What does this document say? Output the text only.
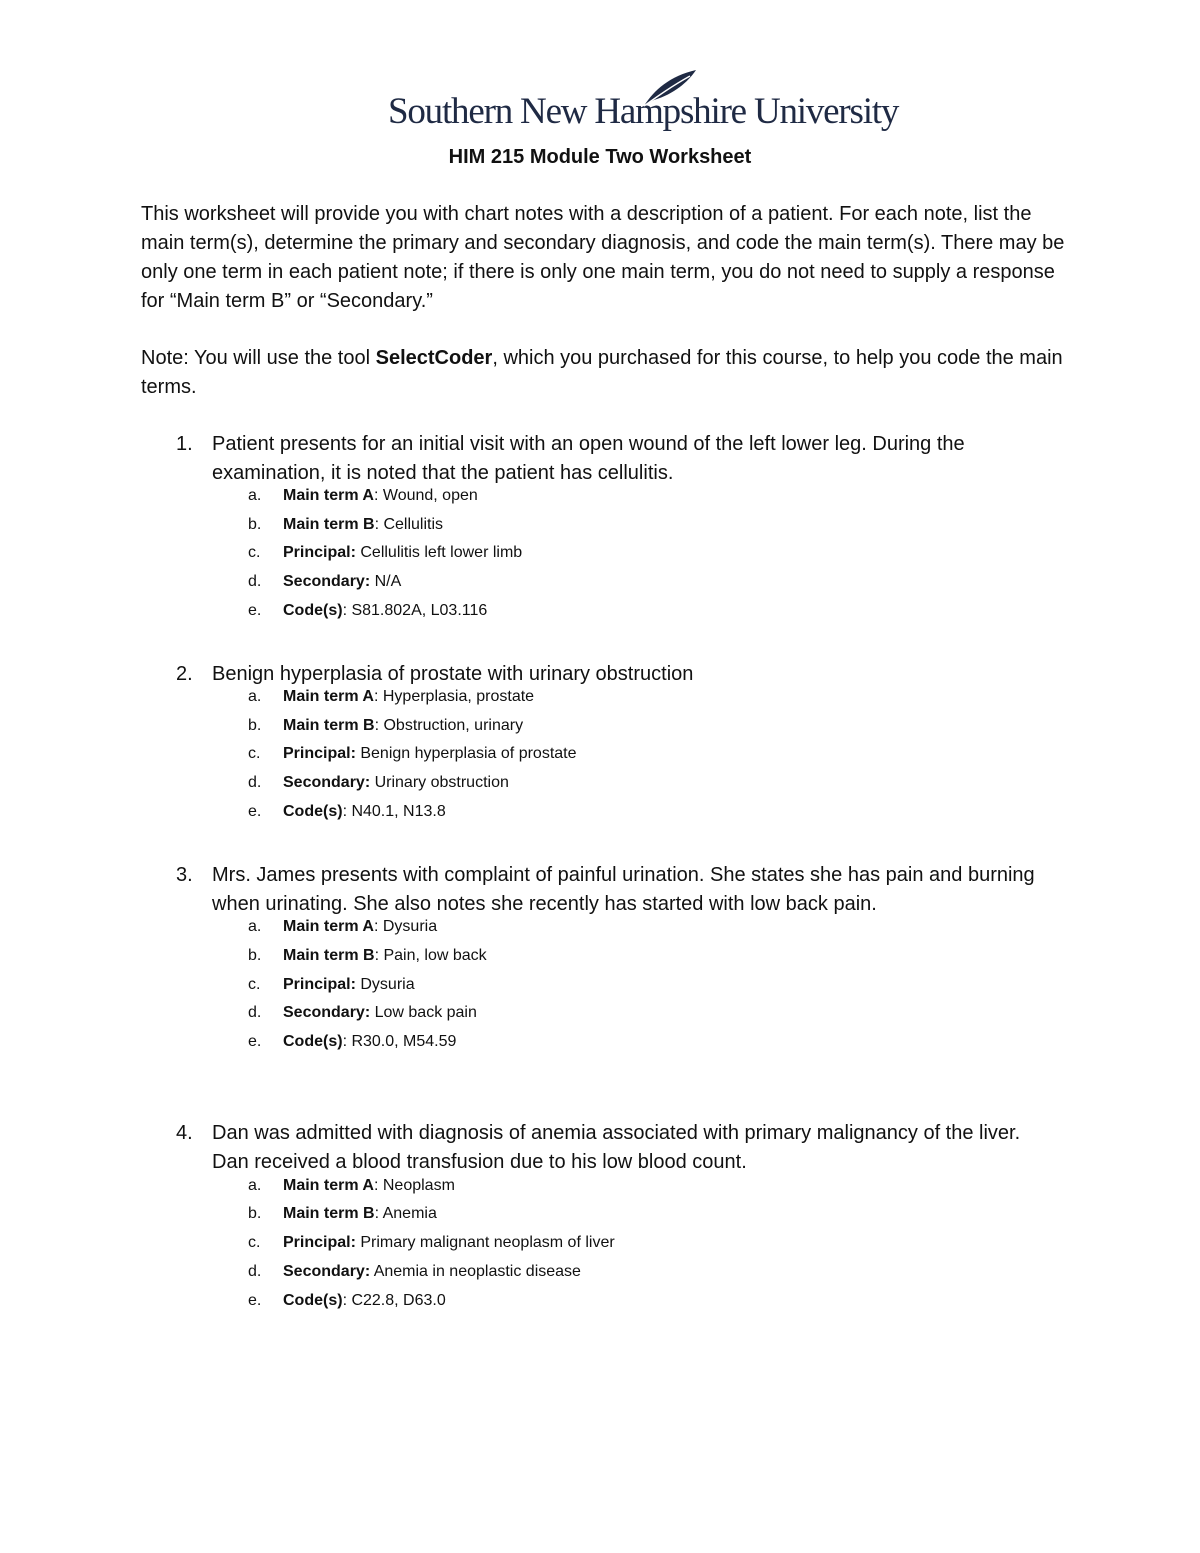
Southern New Hampshire University
HIM 215 Module Two Worksheet

This worksheet will provide you with chart notes with a description of a patient. For each note, list the main term(s), determine the primary and secondary diagnosis, and code the main term(s). There may be only one term in each patient note; if there is only one main term, you do not need to supply a response for “Main term B” or “Secondary.”

Note: You will use the tool SelectCoder, which you purchased for this course, to help you code the main terms.

1. Patient presents for an initial visit with an open wound of the left lower leg. During the examination, it is noted that the patient has cellulitis.
a. Main term A: Wound, open
b. Main term B: Cellulitis
c. Principal: Cellulitis left lower limb
d. Secondary: N/A
e. Code(s): S81.802A, L03.116
2. Benign hyperplasia of prostate with urinary obstruction
a. Main term A: Hyperplasia, prostate
b. Main term B: Obstruction, urinary
c. Principal: Benign hyperplasia of prostate
d. Secondary: Urinary obstruction
e. Code(s): N40.1, N13.8
3. Mrs. James presents with complaint of painful urination. She states she has pain and burning when urinating. She also notes she recently has started with low back pain.
a. Main term A: Dysuria
b. Main term B: Pain, low back
c. Principal: Dysuria
d. Secondary: Low back pain
e. Code(s): R30.0, M54.59
4. Dan was admitted with diagnosis of anemia associated with primary malignancy of the liver. Dan received a blood transfusion due to his low blood count.
a. Main term A: Neoplasm
b. Main term B: Anemia
c. Principal: Primary malignant neoplasm of liver
d. Secondary: Anemia in neoplastic disease
e. Code(s): C22.8, D63.0
